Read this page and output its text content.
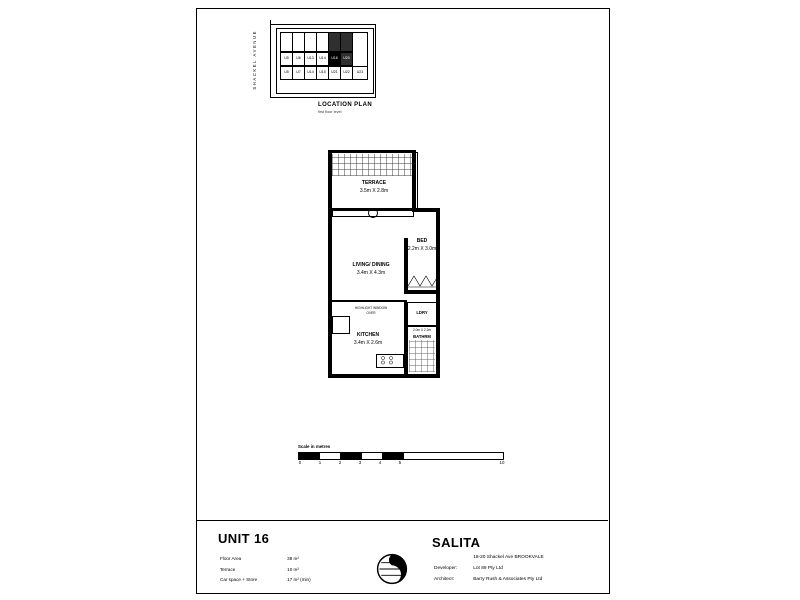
SHACKEL AVENUE	U5	U6	U13	U14	U16	U20
U5	U7	U14	U15	U21	U22	U23
LOCATION PLAN
first floor level
TERRACE
3.5m X 2.8m
BED
2.2m X 3.0m
LIVING/ DINING
3.4m X 4.3m
HIGHLIGHT WINDOW
OVER	LDRY
2.0m X 2.2m
BATHRM
KITCHEN
3.4m X 2.6m
Scale in metres
0	1	2	3	4	5	10
UNIT 16
Floor Area	38 m²
Terrace	10 m²
Car space + Store	17 m² (min)
SALITA
	18-20 Shackel Ave BROOKVALE
Developer:	Lot 89 Pty Ltd
Architect:	Barry Rush & Associates Pty Ltd
